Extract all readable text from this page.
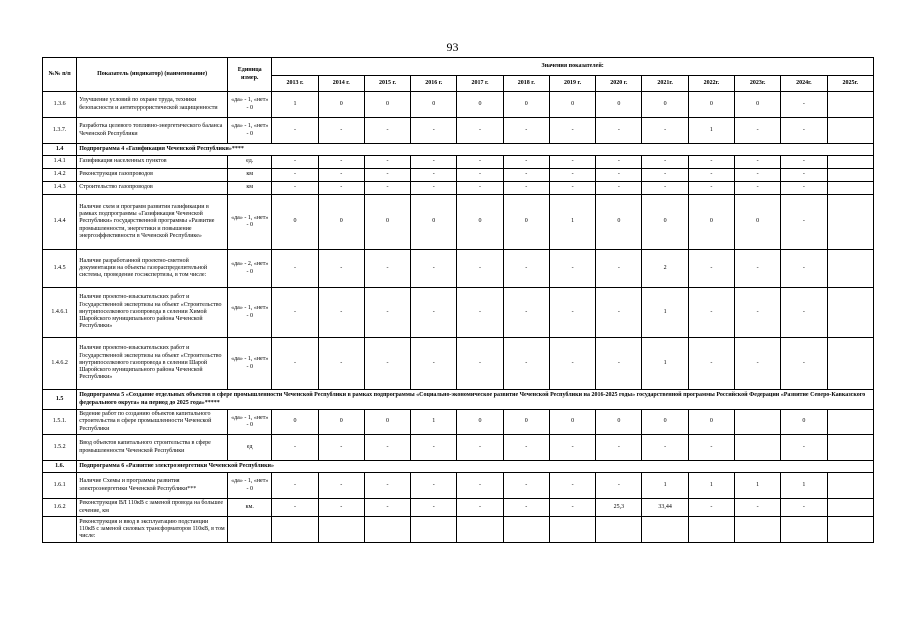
93
№№ п/п	Показатель (индикатор) (наименование)	Единица измер.	Значения показателей:												
			2013 г.	2014 г.	2015 г.	2016 г.	2017 г.	2018 г.	2019 г.	2020 г.	2021г.	2022г.	2023г.	2024г.	2025г.
1.3.6	Улучшение условий по охране труда, техники безопасности и антитеррористической защищенности	«да» - 1, «нет» - 0	1	0	0	0	0	0	0	0	0	0	0	-	
1.3.7.	Разработка целевого топливно-энергетического баланса Чеченской Республики	«да» - 1, «нет» - 0	-	-	-	-	-	-	-	-	-	1	-	-	
1.4	Подпрограмма 4 «Газификация Чеченской Республики»****														
1.4.1	Газификация населенных пунктов	ед.	-	-	-	-	-	-	-	-	-	-	-	-	
1.4.2	Реконструкция газопроводов	км	-	-	-	-	-	-	-	-	-	-	-	-	
1.4.3	Строительство газопроводов	км	-	-	-	-	-	-	-	-	-	-	-	-	
1.4.4	Наличие схем и программ развития газификации в рамках подпрограммы «Газификация Чеченской Республики» государственной программы «Развитие промышленности, энергетики и повышение энергоэффективности в Чеченской Республике»	«да» - 1, «нет» - 0	0	0	0	0	0	0	1	0	0	0	0	-	
1.4.5	Наличие разработанной проектно-сметной документации на объекты газораспределительной системы, проведение госэкспертизы, в том числе:	«да» - 2, «нет» - 0	-	-	-	-	-	-	-	-	2	-	-	-	
1.4.6.1	Наличие проектно-изыскательских работ и Государственной экспертизы на объект «Строительство внутрипоселкового газопровода в селении Химой Шаройского муниципального района Чеченской Республики»	«да» - 1, «нет» - 0	-	-	-	-	-	-	-	-	1	-	-	-	
1.4.6.2	Наличие проектно-изыскательских работ и Государственной экспертизы на объект «Строительство внутрипоселкового газопровода в селении Шарой Шаройского муниципального района Чеченской Республики»	«да» - 1, «нет» - 0	-	-	-	-	-	-	-	-	1	-	-	-	
1.5	Подпрограмма 5 «Создание отдельных объектов в сфере промышленности Чеченской Республики в рамках подпрограммы «Социально-экономическое развитие Чеченской Республики на 2016-2025 годы» государственной программы Российской Федерации «Развитие Северо-Кавказского федерального округа» на период до 2025 года»*****														
1.5.1.	Ведение работ по созданию объектов капитального строительства в сфере промышленности Чеченской Республики	«да» - 1, «нет» - 0	0	0	0	1	0	0	0	0	0	0		0	
1.5.2	Ввод объектов капитального строительства в сфере промышленности Чеченской Республики	ед	-	-	-	-	-	-	-	-	-	-		-	
1.6.	Подпрограмма 6 «Развитие электроэнергетики Чеченской Республики»														
1.6.1	Наличие Схемы и программы развития электроэнергетики Чеченской Республики***	«да» - 1, «нет» - 0	-	-	-	-	-	-	-	-	1	1	1	1	
1.6.2	Реконструкция ВЛ 110кВ с заменой провода на большее сечение, км	км.	-	-	-	-	-	-	-	25,3	33,44	-	-	-	
	Реконструкция и ввод в эксплуатацию подстанции 110кВ с заменой силовых трансформаторов 110кВ, в том числе:														
